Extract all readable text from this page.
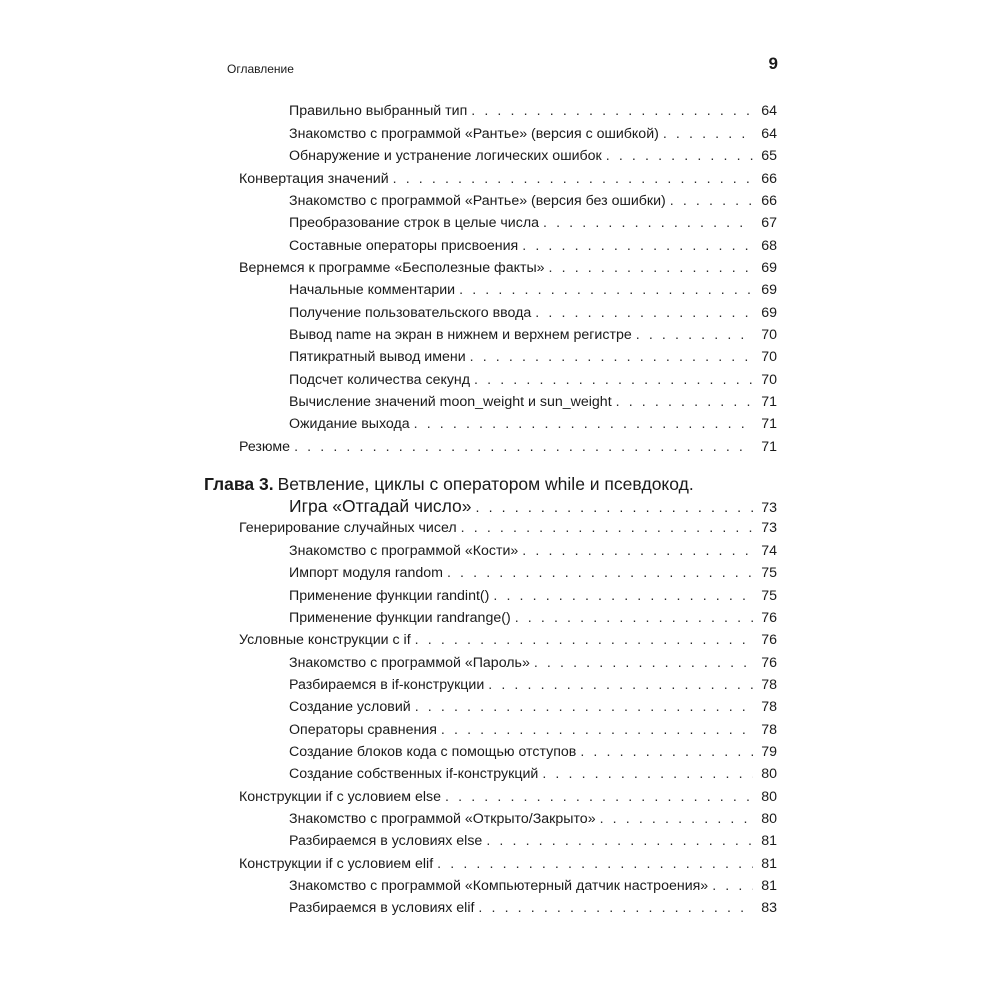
Оглавление	9
Правильно выбранный тип . . .	64
Знакомство с программой «Рантье» (версия с ошибкой) . . .	64
Обнаружение и устранение логических ошибок . . .	65
Конвертация значений . . .	66
Знакомство с программой «Рантье» (версия без ошибки) . . .	66
Преобразование строк в целые числа . . .	67
Составные операторы присвоения . . .	68
Вернемся к программе «Бесполезные факты» . . .	69
Начальные комментарии . . .	69
Получение пользовательского ввода . . .	69
Вывод name на экран в нижнем и верхнем регистре . . .	70
Пятикратный вывод имени . . .	70
Подсчет количества секунд . . .	70
Вычисление значений moon_weight и sun_weight . . .	71
Ожидание выхода . . .	71
Резюме . . .	71
Глава 3. Ветвление, циклы с оператором while и псевдокод.
Игра «Отгадай число» . . .	73
Генерирование случайных чисел . . .	73
Знакомство с программой «Кости» . . .	74
Импорт модуля random . . .	75
Применение функции randint() . . .	75
Применение функции randrange() . . .	76
Условные конструкции с if . . .	76
Знакомство с программой «Пароль» . . .	76
Разбираемся в if-конструкции . . .	78
Создание условий . . .	78
Операторы сравнения . . .	78
Создание блоков кода с помощью отступов . . .	79
Создание собственных if-конструкций . . .	80
Конструкции if с условием else . . .	80
Знакомство с программой «Открыто/Закрыто» . . .	80
Разбираемся в условиях else . . .	81
Конструкции if с условием elif . . .	81
Знакомство с программой «Компьютерный датчик настроения» . . .	81
Разбираемся в условиях elif . . .	83
